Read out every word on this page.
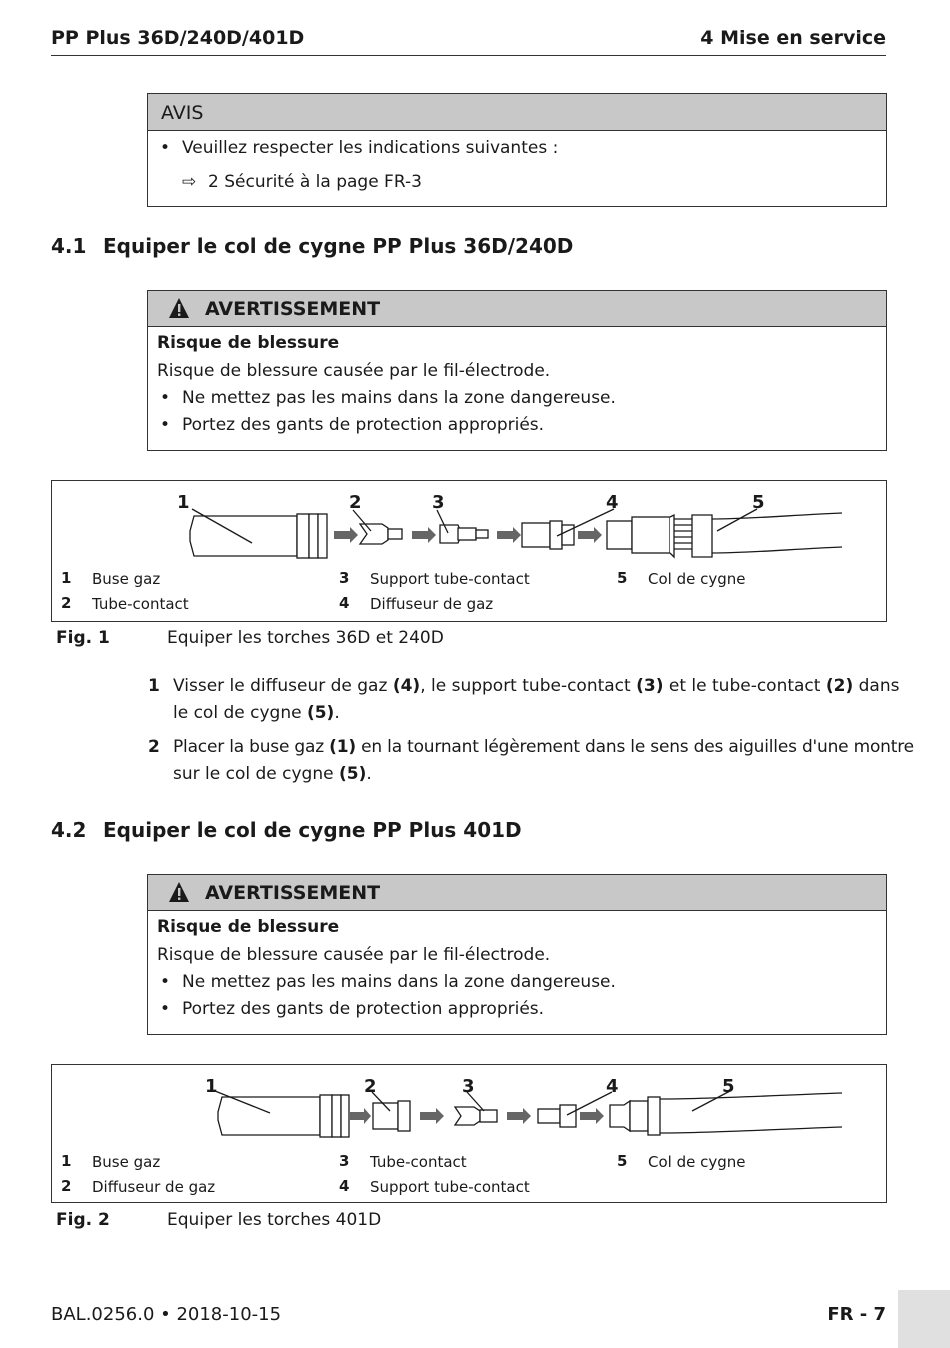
PP Plus 36D/240D/401D	4 Mise en service
AVIS
• Veuillez respecter les indications suivantes :
⇨ 2 Sécurité à la page FR-3
4.1 Equiper le col de cygne PP Plus 36D/240D
AVERTISSEMENT
Risque de blessure
Risque de blessure causée par le fil-électrode.
• Ne mettez pas les mains dans la zone dangereuse.
• Portez des gants de protection appropriés.
1	2	3	4	5
1 Buse gaz
2 Tube-contact
3 Support tube-contact
4 Diffuseur de gaz
5 Col de cygne
Fig. 1	Equiper les torches 36D et 240D
1 Visser le diffuseur de gaz (4), le support tube-contact (3) et le tube-contact (2) dans
le col de cygne (5).
2 Placer la buse gaz (1) en la tournant légèrement dans le sens des aiguilles d'une montre
sur le col de cygne (5).
4.2 Equiper le col de cygne PP Plus 401D
AVERTISSEMENT
Risque de blessure
Risque de blessure causée par le fil-électrode.
• Ne mettez pas les mains dans la zone dangereuse.
• Portez des gants de protection appropriés.
1	2	3	4	5
1 Buse gaz
2 Diffuseur de gaz
3 Tube-contact
4 Support tube-contact
5 Col de cygne
Fig. 2	Equiper les torches 401D
BAL.0256.0 • 2018-10-15	FR - 7
